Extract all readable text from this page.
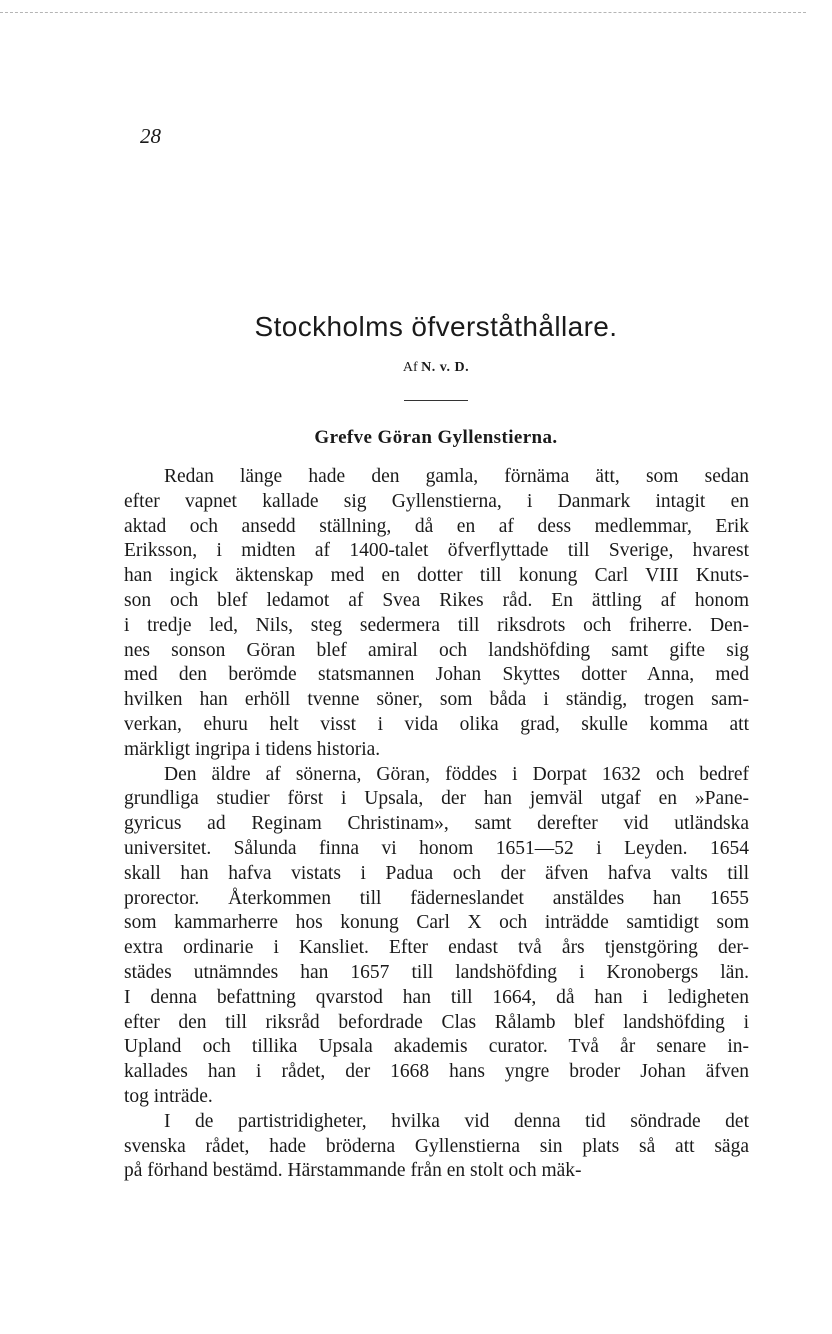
28
Stockholms öfverståthållare.
Af N. v. D.
Grefve Göran Gyllenstierna.
Redan länge hade den gamla, förnäma ätt, som sedan
efter vapnet kallade sig Gyllenstierna, i Danmark intagit en
aktad och ansedd ställning, då en af dess medlemmar, Erik
Eriksson, i midten af 1400-talet öfverflyttade till Sverige, hvarest
han ingick äktenskap med en dotter till konung Carl VIII Knuts-
son och blef ledamot af Svea Rikes råd. En ättling af honom
i tredje led, Nils, steg sedermera till riksdrots och friherre. Den-
nes sonson Göran blef amiral och landshöfding samt gifte sig
med den berömde statsmannen Johan Skyttes dotter Anna, med
hvilken han erhöll tvenne söner, som båda i ständig, trogen sam-
verkan, ehuru helt visst i vida olika grad, skulle komma att
märkligt ingripa i tidens historia.
Den äldre af sönerna, Göran, föddes i Dorpat 1632 och bedref
grundliga studier först i Upsala, der han jemväl utgaf en »Pane-
gyricus ad Reginam Christinam», samt derefter vid utländska
universitet. Sålunda finna vi honom 1651—52 i Leyden. 1654
skall han hafva vistats i Padua och der äfven hafva valts till
prorector. Återkommen till fäderneslandet anstäldes han 1655
som kammarherre hos konung Carl X och inträdde samtidigt som
extra ordinarie i Kansliet. Efter endast två års tjenstgöring der-
städes utnämndes han 1657 till landshöfding i Kronobergs län.
I denna befattning qvarstod han till 1664, då han i ledigheten
efter den till riksråd befordrade Clas Rålamb blef landshöfding i
Upland och tillika Upsala akademis curator. Två år senare in-
kallades han i rådet, der 1668 hans yngre broder Johan äfven
tog inträde.
I de partistridigheter, hvilka vid denna tid söndrade det
svenska rådet, hade bröderna Gyllenstierna sin plats så att säga
på förhand bestämd. Härstammande från en stolt och mäk-
